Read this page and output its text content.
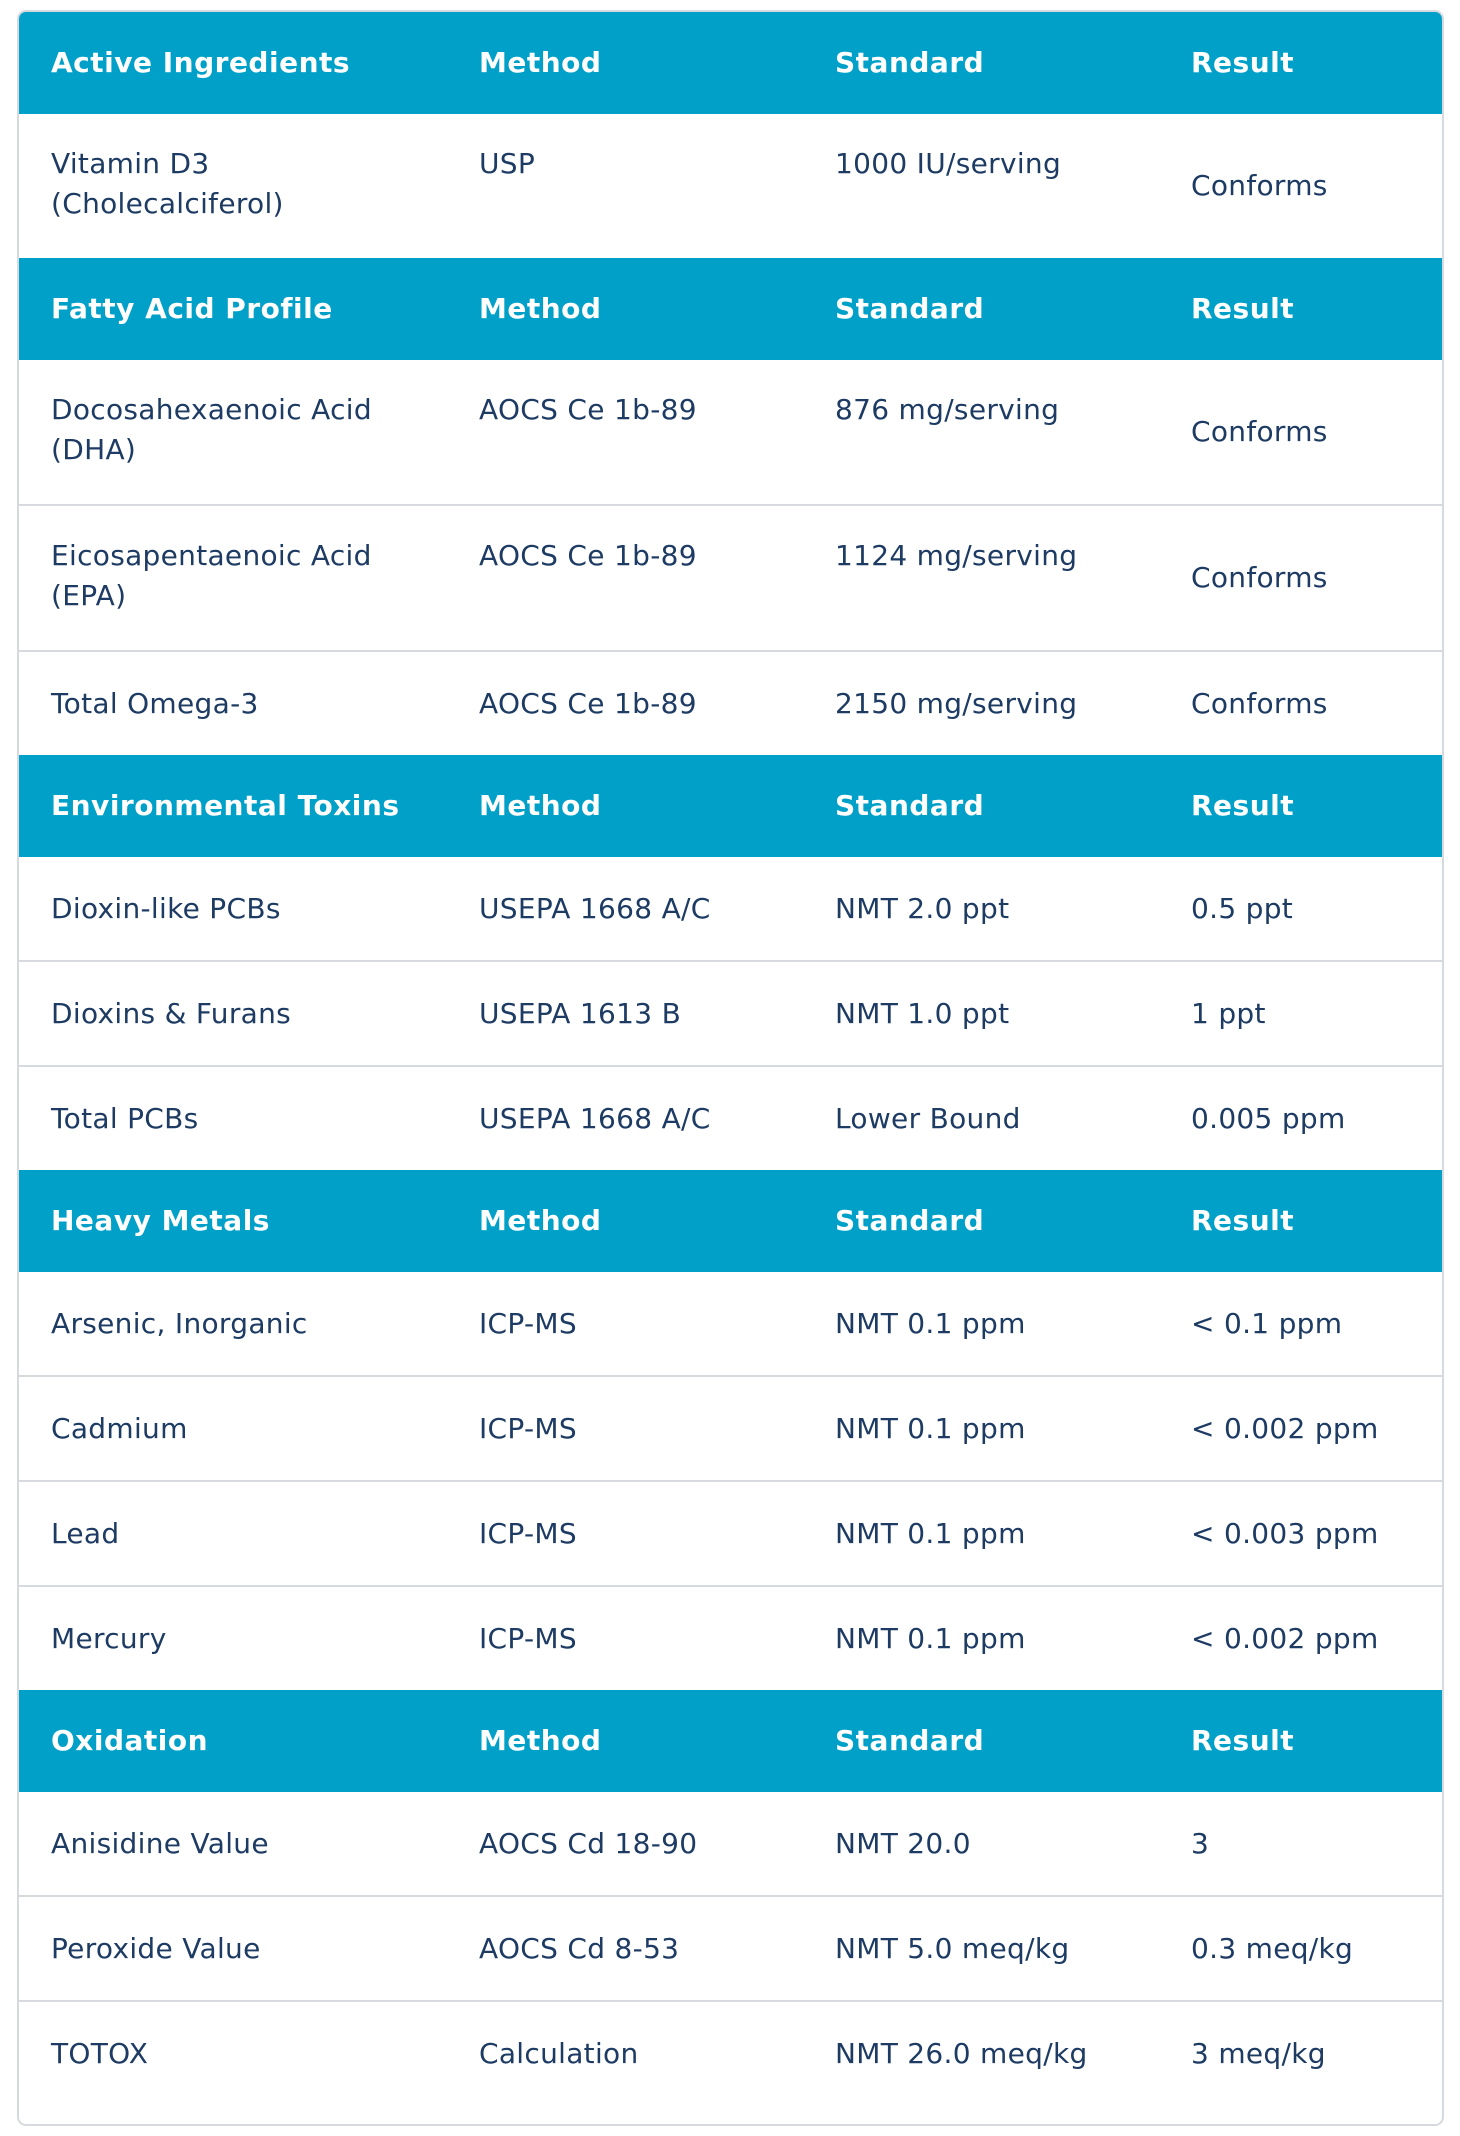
Active Ingredients	Method	Standard	Result
Vitamin D3 (Cholecalciferol)	USP	1000 IU/serving	Conforms
Fatty Acid Profile	Method	Standard	Result
Docosahexaenoic Acid (DHA)	AOCS Ce 1b-89	876 mg/serving	Conforms
Eicosapentaenoic Acid (EPA)	AOCS Ce 1b-89	1124 mg/serving	Conforms
Total Omega-3	AOCS Ce 1b-89	2150 mg/serving	Conforms
Environmental Toxins	Method	Standard	Result
Dioxin-like PCBs	USEPA 1668 A/C	NMT 2.0 ppt	0.5 ppt
Dioxins & Furans	USEPA 1613 B	NMT 1.0 ppt	1 ppt
Total PCBs	USEPA 1668 A/C	Lower Bound	0.005 ppm
Heavy Metals	Method	Standard	Result
Arsenic, Inorganic	ICP-MS	NMT 0.1 ppm	< 0.1 ppm
Cadmium	ICP-MS	NMT 0.1 ppm	< 0.002 ppm
Lead	ICP-MS	NMT 0.1 ppm	< 0.003 ppm
Mercury	ICP-MS	NMT 0.1 ppm	< 0.002 ppm
Oxidation	Method	Standard	Result
Anisidine Value	AOCS Cd 18-90	NMT 20.0	3
Peroxide Value	AOCS Cd 8-53	NMT 5.0 meq/kg	0.3 meq/kg
TOTOX	Calculation	NMT 26.0 meq/kg	3 meq/kg
